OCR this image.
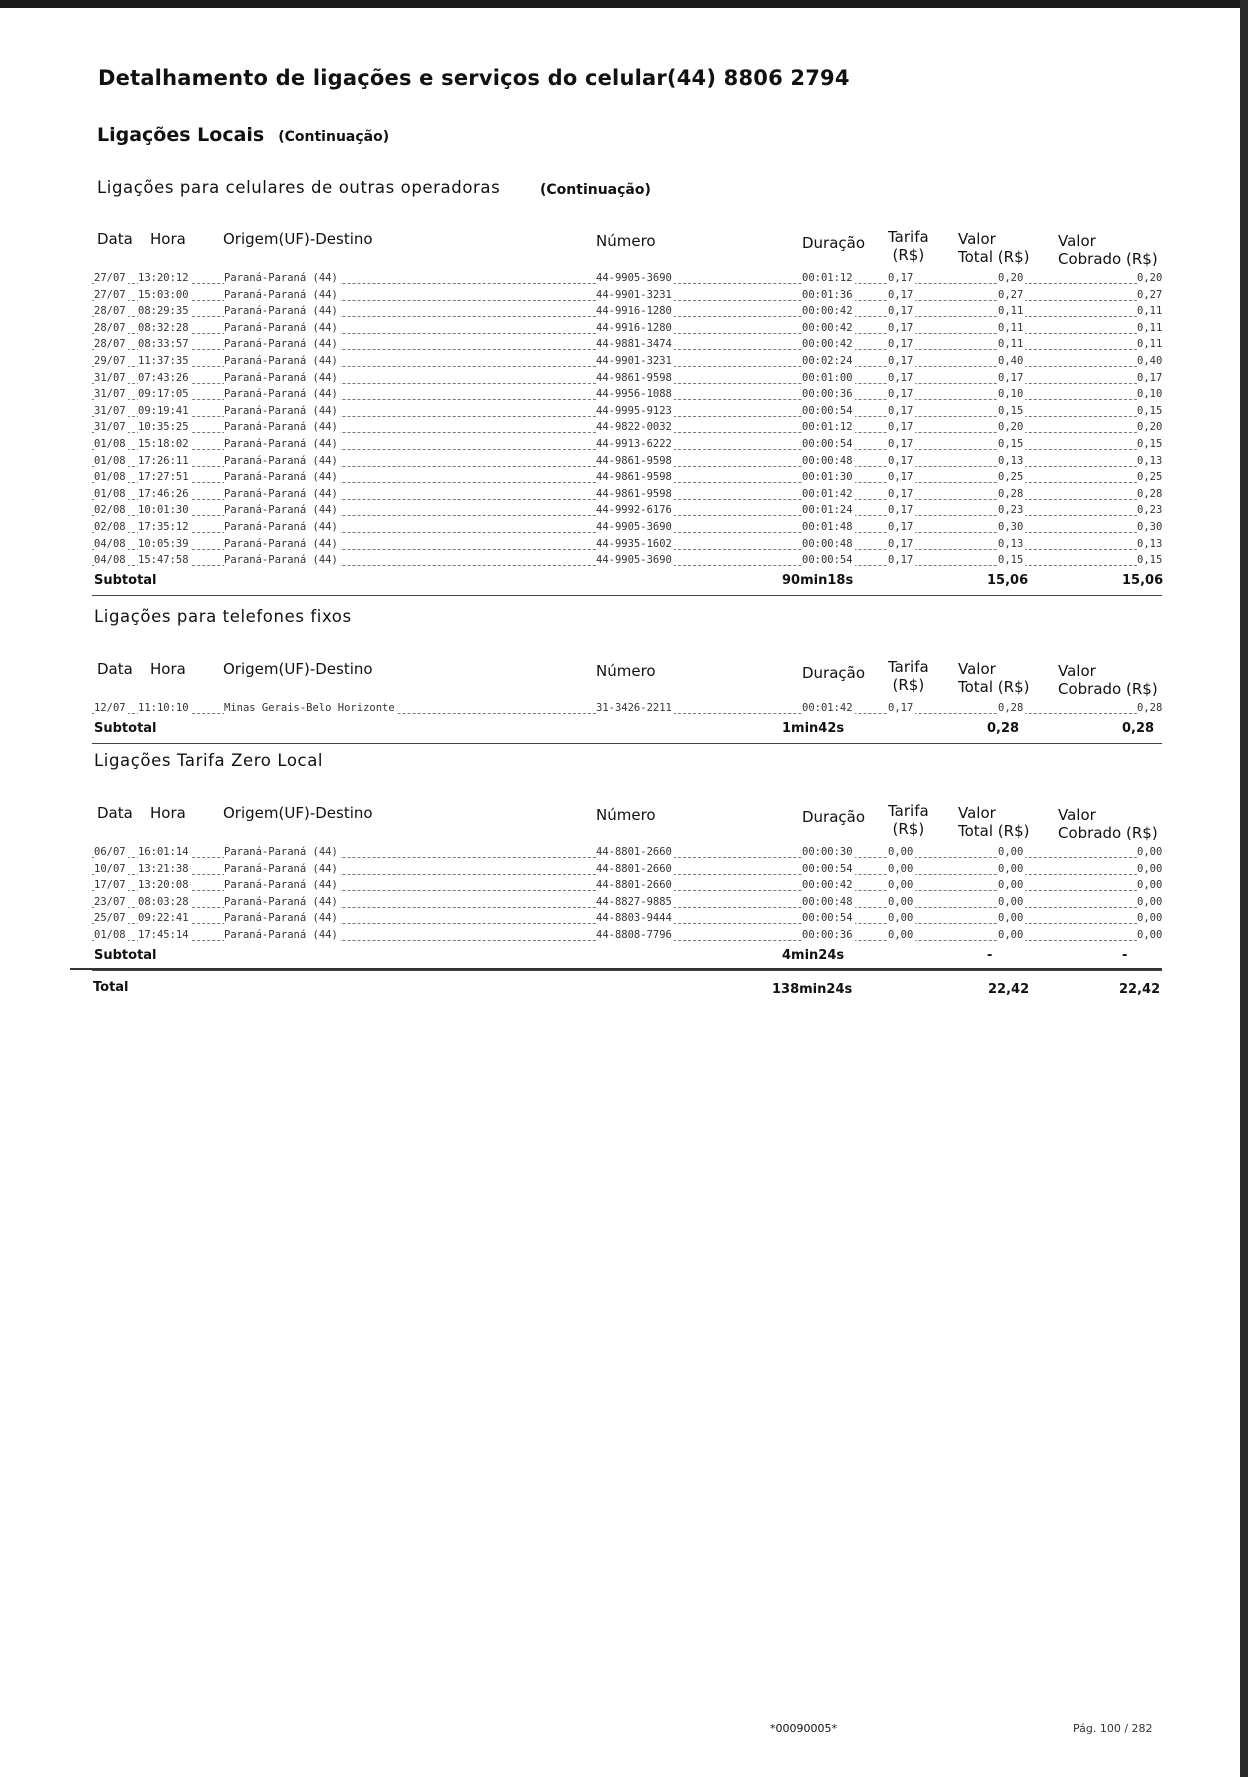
Detalhamento de ligações e serviços do celular(44) 8806 2794
Ligações Locais (Continuação)
Ligações para celulares de outras operadoras	(Continuação)
Data Hora Origem(UF)-Destino	Número	Duração Tarifa
(R$)
Valor
Total (R$)
Valor
Cobrado (R$)
27/07 13:20:12	Paraná-Paraná (44)	44-9905-3690	00:01:12	0,17	0,20	0,20
27/07 15:03:00	Paraná-Paraná (44)	44-9901-3231	00:01:36	0,17	0,27	0,27
28/07 08:29:35	Paraná-Paraná (44)	44-9916-1280	00:00:42	0,17	0,11	0,11
28/07 08:32:28	Paraná-Paraná (44)	44-9916-1280	00:00:42	0,17	0,11	0,11
28/07 08:33:57	Paraná-Paraná (44)	44-9881-3474	00:00:42	0,17	0,11	0,11
29/07 11:37:35	Paraná-Paraná (44)	44-9901-3231	00:02:24	0,17	0,40	0,40
31/07 07:43:26	Paraná-Paraná (44)	44-9861-9598	00:01:00	0,17	0,17	0,17
31/07 09:17:05	Paraná-Paraná (44)	44-9956-1088	00:00:36	0,17	0,10	0,10
31/07 09:19:41	Paraná-Paraná (44)	44-9995-9123	00:00:54	0,17	0,15	0,15
31/07 10:35:25	Paraná-Paraná (44)	44-9822-0032	00:01:12	0,17	0,20	0,20
01/08 15:18:02	Paraná-Paraná (44)	44-9913-6222	00:00:54	0,17	0,15	0,15
01/08 17:26:11	Paraná-Paraná (44)	44-9861-9598	00:00:48	0,17	0,13	0,13
01/08 17:27:51	Paraná-Paraná (44)	44-9861-9598	00:01:30	0,17	0,25	0,25
01/08 17:46:26	Paraná-Paraná (44)	44-9861-9598	00:01:42	0,17	0,28	0,28
02/08 10:01:30	Paraná-Paraná (44)	44-9992-6176	00:01:24	0,17	0,23	0,23
02/08 17:35:12	Paraná-Paraná (44)	44-9905-3690	00:01:48	0,17	0,30	0,30
04/08 10:05:39	Paraná-Paraná (44)	44-9935-1602	00:00:48	0,17	0,13	0,13
04/08 15:47:58	Paraná-Paraná (44)	44-9905-3690	00:00:54	0,17	0,15	0,15
Subtotal	90min18s	15,06	15,06
Ligações para telefones fixos
Data Hora Origem(UF)-Destino	Número	Duração Tarifa
(R$)
Valor
Total (R$)
Valor
Cobrado (R$)
12/07 11:10:10	Minas Gerais-Belo Horizonte	31-3426-2211	00:01:42	0,17	0,28	0,28
Subtotal	1min42s	0,28	0,28
Ligações Tarifa Zero Local
Data Hora Origem(UF)-Destino	Número	Duração Tarifa
(R$)
Valor
Total (R$)
Valor
Cobrado (R$)
06/07 16:01:14	Paraná-Paraná (44)	44-8801-2660	00:00:30	0,00	0,00	0,00
10/07 13:21:38	Paraná-Paraná (44)	44-8801-2660	00:00:54	0,00	0,00	0,00
17/07 13:20:08	Paraná-Paraná (44)	44-8801-2660	00:00:42	0,00	0,00	0,00
23/07 08:03:28	Paraná-Paraná (44)	44-8827-9885	00:00:48	0,00	0,00	0,00
25/07 09:22:41	Paraná-Paraná (44)	44-8803-9444	00:00:54	0,00	0,00	0,00
01/08 17:45:14	Paraná-Paraná (44)	44-8808-7796	00:00:36	0,00	0,00	0,00
Subtotal	4min24s	-	-
Total	138min24s	22,42	22,42
*00090005*	Pág. 100 / 282
